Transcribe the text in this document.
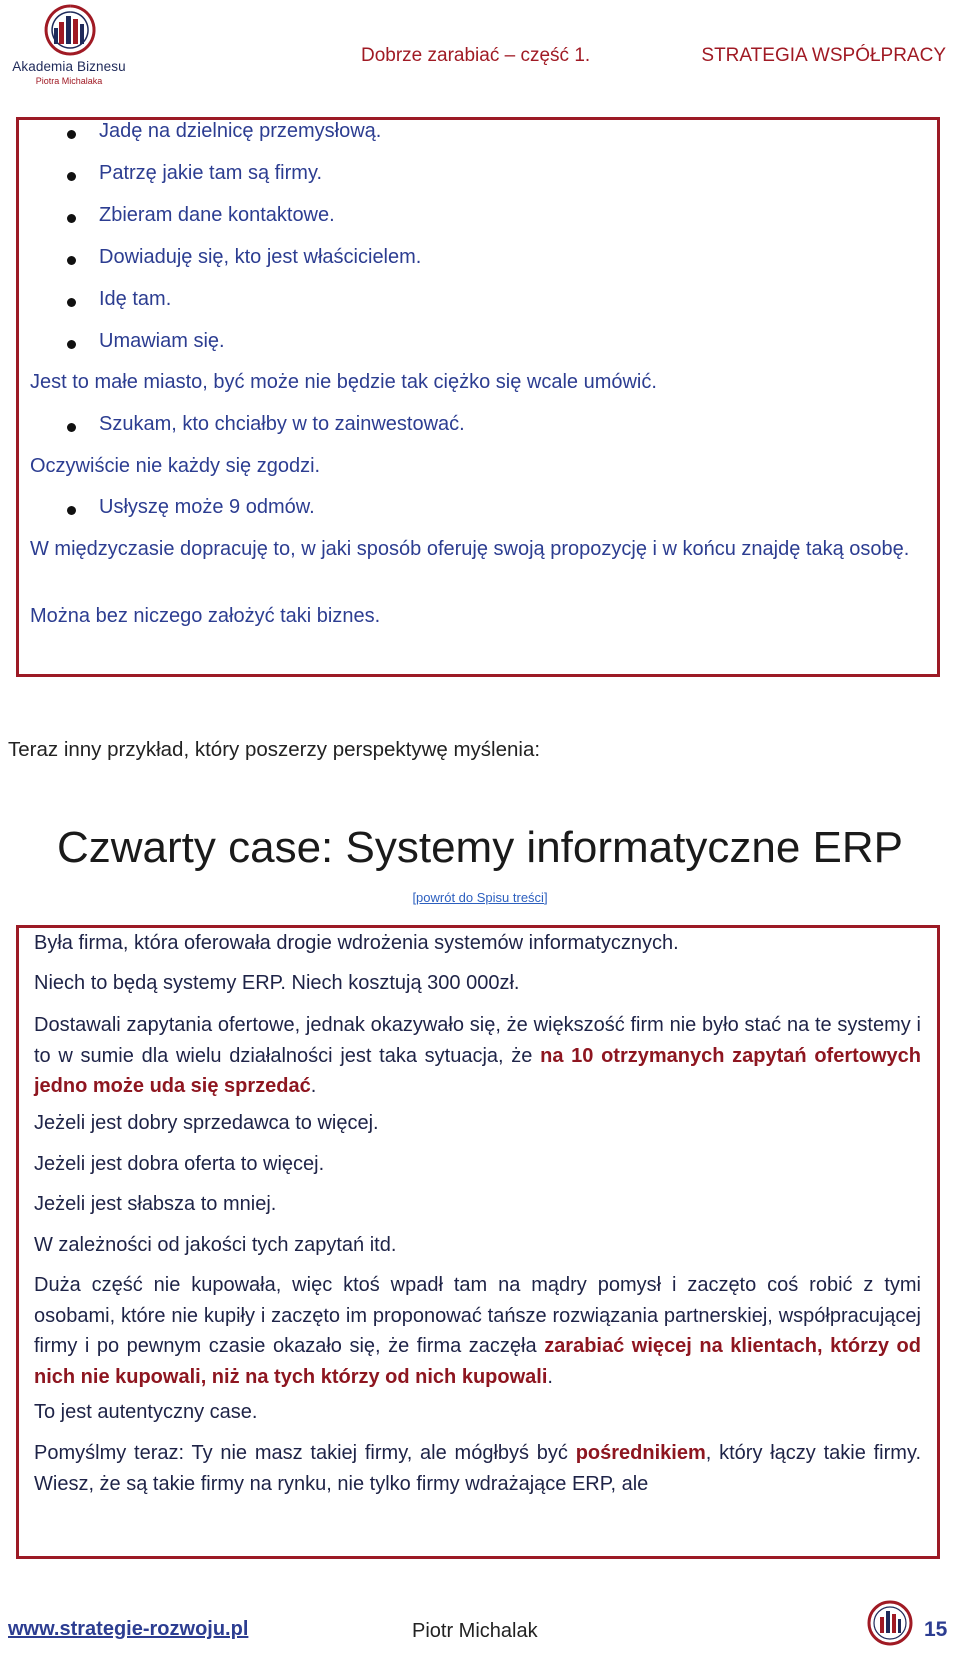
Akademia Biznesu
Piotra Michalaka
Dobrze zarabiać – część 1.	STRATEGIA WSPÓŁPRACY
Jadę na dzielnicę przemysłową.
Patrzę jakie tam są firmy.
Zbieram dane kontaktowe.
Dowiaduję się, kto jest właścicielem.
Idę tam.
Umawiam się.
Jest to małe miasto, być może nie będzie tak ciężko się wcale umówić.
Szukam, kto chciałby w to zainwestować.
Oczywiście nie każdy się zgodzi.
Usłyszę może 9 odmów.
W międzyczasie dopracuję to, w jaki sposób oferuję swoją propozycję i w końcu znajdę taką osobę.
Można bez niczego założyć taki biznes.
Teraz inny przykład, który poszerzy perspektywę myślenia:
Czwarty case: Systemy informatyczne ERP
[powrót do Spisu treści]
Była firma, która oferowała drogie wdrożenia systemów informatycznych.
Niech to będą systemy ERP. Niech kosztują 300 000zł.
Dostawali zapytania ofertowe, jednak okazywało się, że większość firm nie było stać na te systemy i to w sumie dla wielu działalności jest taka sytuacja, że na 10 otrzymanych zapytań ofertowych jedno może uda się sprzedać.
Jeżeli jest dobry sprzedawca to więcej.
Jeżeli jest dobra oferta to więcej.
Jeżeli jest słabsza to mniej.
W zależności od jakości tych zapytań itd.
Duża część nie kupowała, więc ktoś wpadł tam na mądry pomysł i zaczęto coś robić z tymi osobami, które nie kupiły i zaczęto im proponować tańsze rozwiązania partnerskiej, współpracującej firmy i po pewnym czasie okazało się, że firma zaczęła zarabiać więcej na klientach, którzy od nich nie kupowali, niż na tych którzy od nich kupowali.
To jest autentyczny case.
Pomyślmy teraz: Ty nie masz takiej firmy, ale mógłbyś być pośrednikiem, który łączy takie firmy. Wiesz, że są takie firmy na rynku, nie tylko firmy wdrażające ERP, ale
www.strategie-rozwoju.pl	Piotr Michalak	15
